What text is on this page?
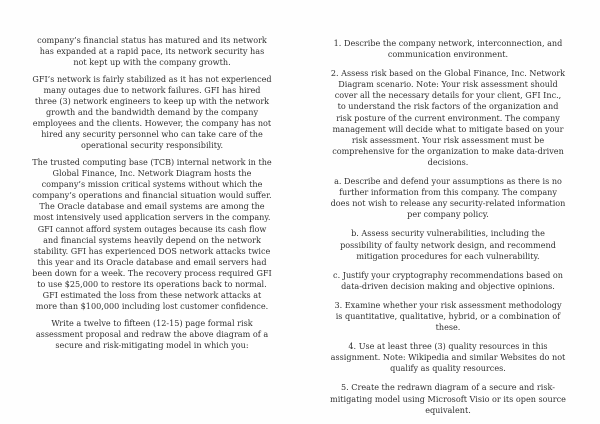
company’s financial status has matured and its network has expanded at a rapid pace, its network security has not kept up with the company growth.

GFI’s network is fairly stabilized as it has not experienced many outages due to network failures. GFI has hired three (3) network engineers to keep up with the network growth and the bandwidth demand by the company employees and the clients. However, the company has not hired any security personnel who can take care of the operational security responsibility.

The trusted computing base (TCB) internal network in the Global Finance, Inc. Network Diagram hosts the company’s mission critical systems without which the company’s operations and financial situation would suffer. The Oracle database and email systems are among the most intensively used application servers in the company. GFI cannot afford system outages because its cash flow and financial systems heavily depend on the network stability. GFI has experienced DOS network attacks twice this year and its Oracle database and email servers had been down for a week. The recovery process required GFI to use $25,000 to restore its operations back to normal. GFI estimated the loss from these network attacks at more than $100,000 including lost customer confidence.

Write a twelve to fifteen (12-15) page formal risk assessment proposal and redraw the above diagram of a secure and risk-mitigating model in which you:

1. Describe the company network, interconnection, and communication environment.

2. Assess risk based on the Global Finance, Inc. Network Diagram scenario. Note: Your risk assessment should cover all the necessary details for your client, GFI Inc., to understand the risk factors of the organization and risk posture of the current environment. The company management will decide what to mitigate based on your risk assessment. Your risk assessment must be comprehensive for the organization to make data-driven decisions.

a. Describe and defend your assumptions as there is no further information from this company. The company does not wish to release any security-related information per company policy.

b. Assess security vulnerabilities, including the possibility of faulty network design, and recommend mitigation procedures for each vulnerability.

c. Justify your cryptography recommendations based on data-driven decision making and objective opinions.

3. Examine whether your risk assessment methodology is quantitative, qualitative, hybrid, or a combination of these.

4. Use at least three (3) quality resources in this assignment. Note: Wikipedia and similar Websites do not qualify as quality resources.

5. Create the redrawn diagram of a secure and risk-mitigating model using Microsoft Visio or its open source equivalent.
